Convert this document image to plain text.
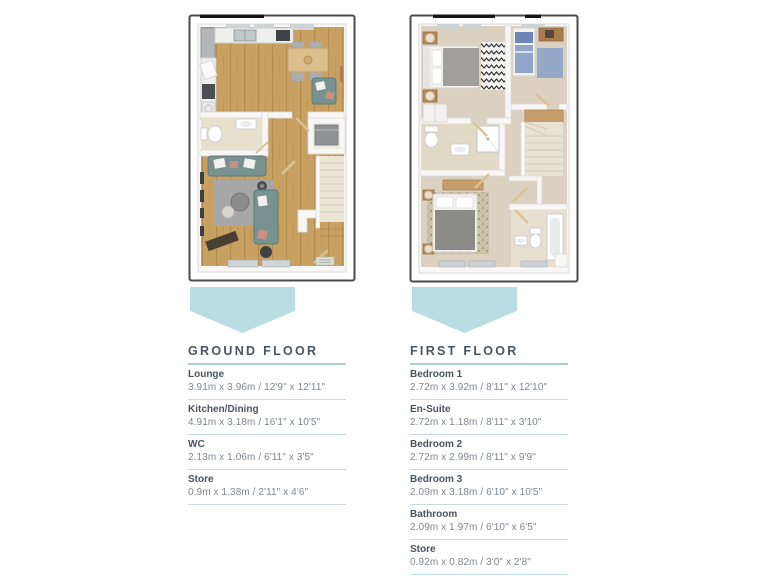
GROUND FLOOR
Lounge
3.91m x 3.96m / 12'9" x 12'11"
Kitchen/Dining
4.91m x 3.18m / 16'1" x 10'5"
WC
2.13m x 1.06m / 6'11" x 3'5"
Store
0.9m x 1.38m / 2'11" x 4'6"
FIRST FLOOR
Bedroom 1
2.72m x 3.92m / 8'11" x 12'10"
En-Suite
2.72m x 1.18m / 8'11" x 3'10"
Bedroom 2
2.72m x 2.99m / 8'11" x 9'9"
Bedroom 3
2.09m x 3.18m / 6'10" x 10'5"
Bathroom
2.09m x 1.97m / 6'10" x 6'5"
Store
0.92m x 0.82m / 3'0" x 2'8"
